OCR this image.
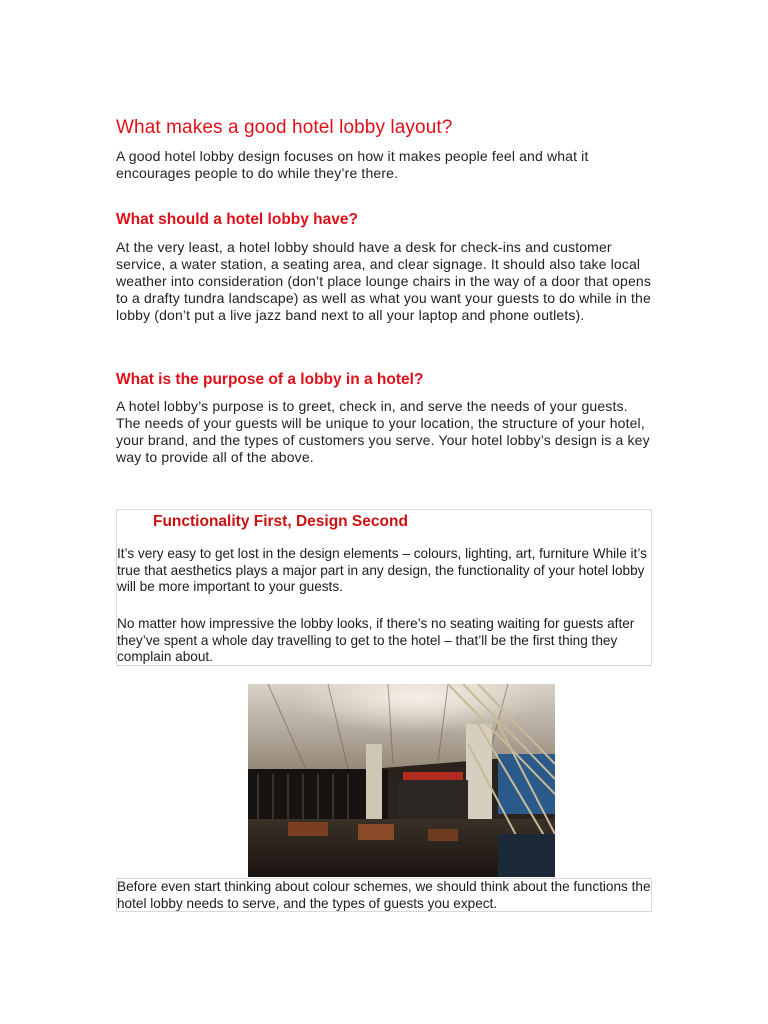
What makes a good hotel lobby layout?

A good hotel lobby design focuses on how it makes people feel and what it encourages people to do while they’re there.

What should a hotel lobby have?

At the very least, a hotel lobby should have a desk for check-ins and customer service, a water station, a seating area, and clear signage. It should also take local weather into consideration (don’t place lounge chairs in the way of a door that opens to a drafty tundra landscape) as well as what you want your guests to do while in the lobby (don’t put a live jazz band next to all your laptop and phone outlets).

What is the purpose of a lobby in a hotel?

A hotel lobby’s purpose is to greet, check in, and serve the needs of your guests. The needs of your guests will be unique to your location, the structure of your hotel, your brand, and the types of customers you serve. Your hotel lobby’s design is a key way to provide all of the above.

Functionality First, Design Second

It’s very easy to get lost in the design elements – colours, lighting, art, furniture While it’s true that aesthetics plays a major part in any design, the functionality of your hotel lobby will be more important to your guests.

No matter how impressive the lobby looks, if there’s no seating waiting for guests after they’ve spent a whole day travelling to get to the hotel – that’ll be the first thing they complain about.

Before even start thinking about colour schemes, we should think about the functions the hotel lobby needs to serve, and the types of guests you expect.
